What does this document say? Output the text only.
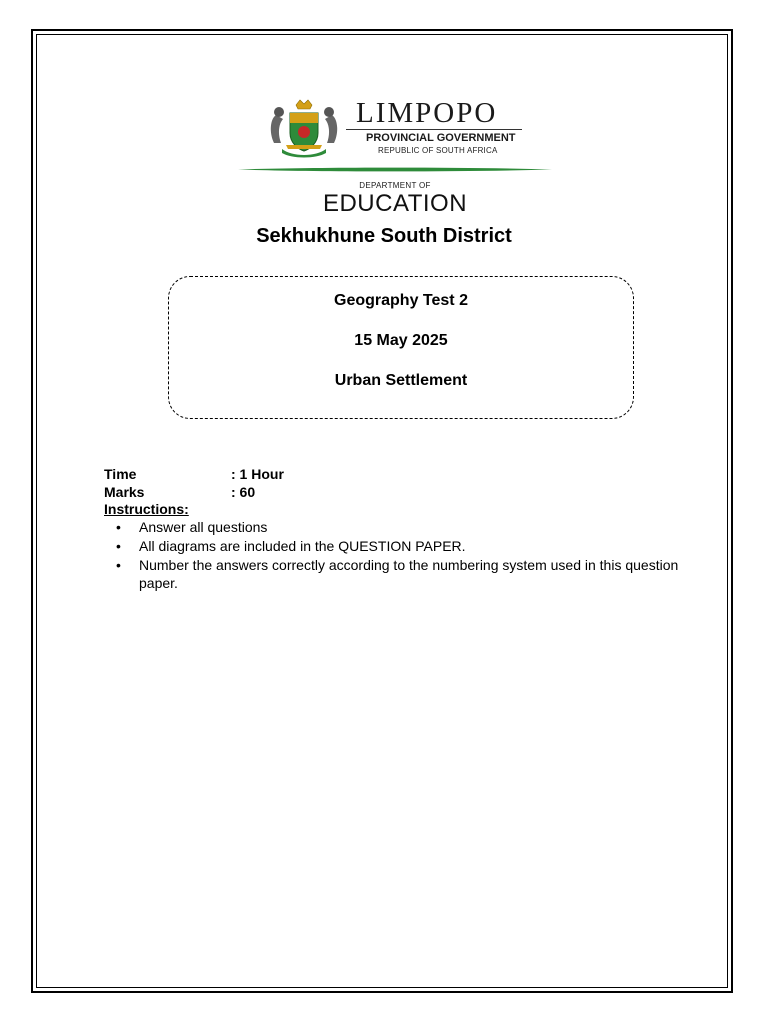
LIMPOPO
PROVINCIAL GOVERNMENT
REPUBLIC OF SOUTH AFRICA
DEPARTMENT OF
EDUCATION
Sekhukhune South District
Geography Test 2
15 May 2025
Urban Settlement
Time	: 1 Hour
Marks	: 60
Instructions:
• Answer all questions
• All diagrams are included in the QUESTION PAPER.
• Number the answers correctly according to the numbering system used in this question paper.
